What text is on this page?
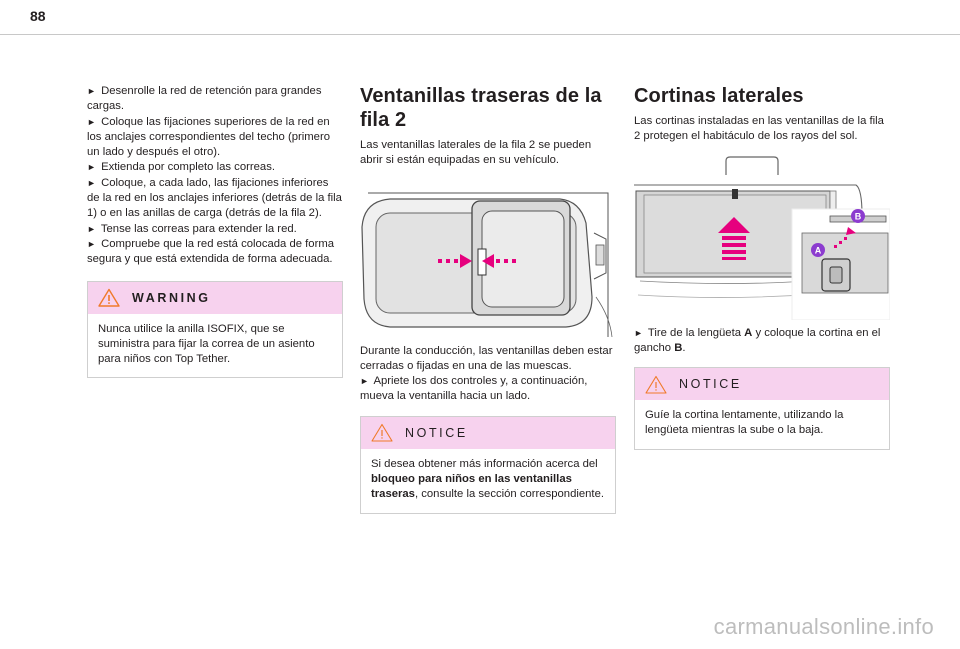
88

► Desenrolle la red de retención para grandes cargas.
► Coloque las fijaciones superiores de la red en los anclajes correspondientes del techo (primero un lado y después el otro).
► Extienda por completo las correas.
► Coloque, a cada lado, las fijaciones inferiores de la red en los anclajes inferiores (detrás de la fila 1) o en las anillas de carga (detrás de la fila 2).
► Tense las correas para extender la red.
► Compruebe que la red está colocada de forma segura y que está extendida de forma adecuada.

WARNING

Nunca utilice la anilla ISOFIX, que se suministra para fijar la correa de un asiento para niños con Top Tether.

Ventanillas traseras de la
fila 2

Las ventanillas laterales de la fila 2 se pueden abrir si están equipadas en su vehículo.

Durante la conducción, las ventanillas deben estar cerradas o fijadas en una de las muescas.

► Apriete los dos controles y, a continuación, mueva la ventanilla hacia un lado.

NOTICE

Si desea obtener más información acerca del bloqueo para niños en las ventanillas traseras, consulte la sección correspondiente.

Cortinas laterales

Las cortinas instaladas en las ventanillas de la fila 2 protegen el habitáculo de los rayos del sol.

B
A

► Tire de la lengüeta A y coloque la cortina en el gancho B.

NOTICE

Guíe la cortina lentamente, utilizando la lengüeta mientras la sube o la baja.

carmanualsonline.info
